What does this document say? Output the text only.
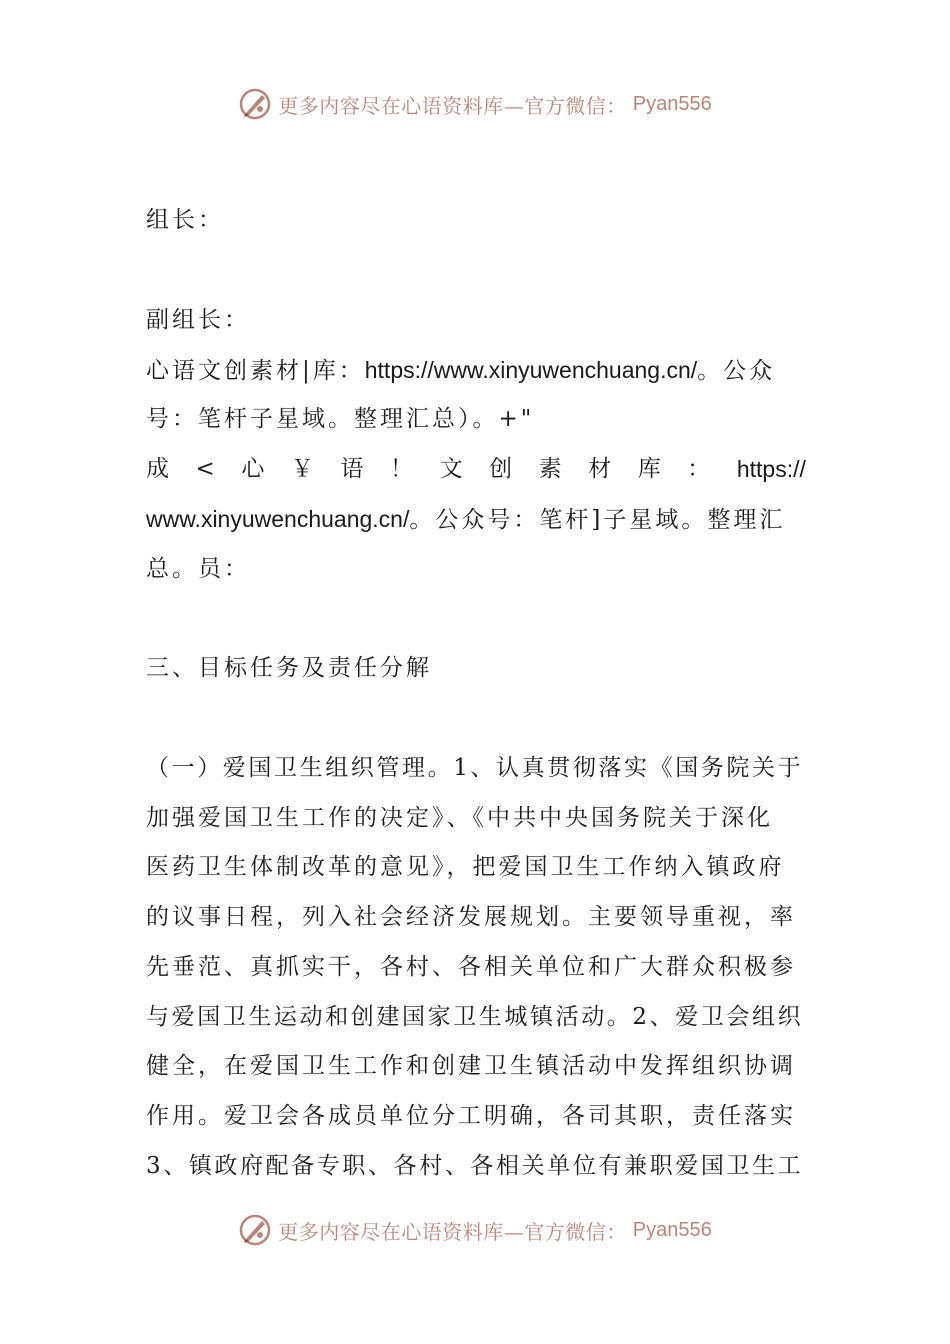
更多内容尽在心语资料库—官方微信： Pyan556
组长：
副组长：
心语文创素材|库：https://www.xinyuwenchuang.cn/。公众
号：笔杆子星域。整理汇总）。+"
成 < 心 ￥ 语 ！ 文 创 素 材 库 ： https://
www.xinyuwenchuang.cn/。公众号：笔杆]子星域。整理汇
总。员：
三、目标任务及责任分解
（一）爱国卫生组织管理。1、认真贯彻落实《国务院关于
加强爱国卫生工作的决定》、《中共中央国务院关于深化
医药卫生体制改革的意见》，把爱国卫生工作纳入镇政府
的议事日程，列入社会经济发展规划。主要领导重视，率
先垂范、真抓实干，各村、各相关单位和广大群众积极参
与爱国卫生运动和创建国家卫生城镇活动。2、爱卫会组织
健全，在爱国卫生工作和创建卫生镇活动中发挥组织协调
作用。爱卫会各成员单位分工明确，各司其职，责任落实
3、镇政府配备专职、各村、各相关单位有兼职爱国卫生工
更多内容尽在心语资料库—官方微信： Pyan556
